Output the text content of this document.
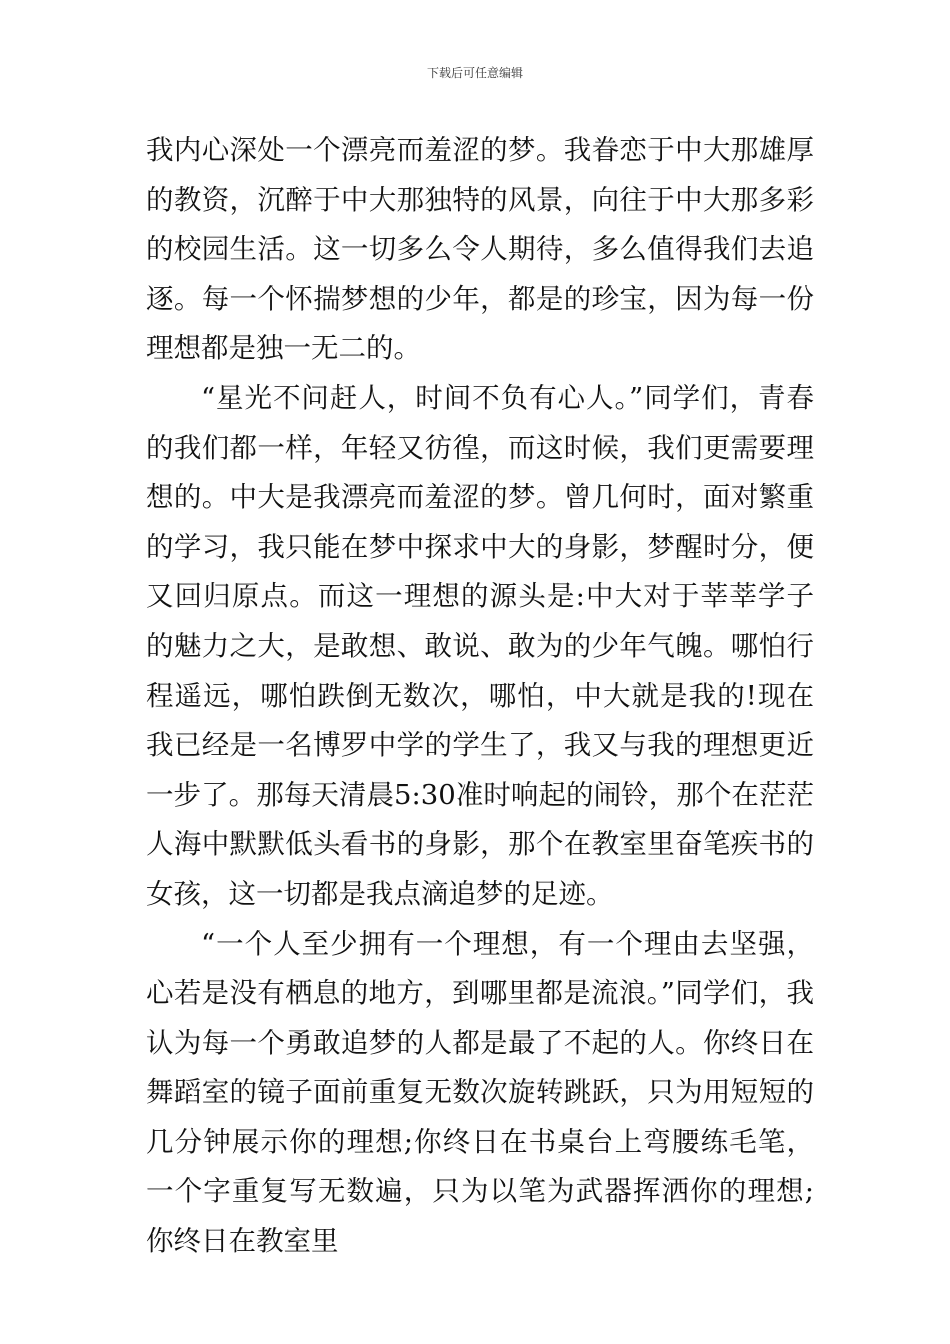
下载后可任意编辑

我内心深处一个漂亮而羞涩的梦。我眷恋于中大那雄厚的教资，沉醉于中大那独特的风景，向往于中大那多彩的校园生活。这一切多么令人期待，多么值得我们去追逐。每一个怀揣梦想的少年，都是的珍宝，因为每一份理想都是独一无二的。

“星光不问赶人，时间不负有心人。”同学们，青春的我们都一样，年轻又彷徨，而这时候，我们更需要理想的。中大是我漂亮而羞涩的梦。曾几何时，面对繁重的学习，我只能在梦中探求中大的身影，梦醒时分，便又回归原点。而这一理想的源头是:中大对于莘莘学子的魅力之大，是敢想、敢说、敢为的少年气魄。哪怕行程遥远，哪怕跌倒无数次，哪怕，中大就是我的!现在我已经是一名博罗中学的学生了，我又与我的理想更近一步了。那每天清晨5:30准时响起的闹铃，那个在茫茫人海中默默低头看书的身影，那个在教室里奋笔疾书的女孩，这一切都是我点滴追梦的足迹。

“一个人至少拥有一个理想，有一个理由去坚强，心若是没有栖息的地方，到哪里都是流浪。”同学们，我认为每一个勇敢追梦的人都是最了不起的人。你终日在舞蹈室的镜子面前重复无数次旋转跳跃，只为用短短的几分钟展示你的理想;你终日在书桌台上弯腰练毛笔，一个字重复写无数遍，只为以笔为武器挥洒你的理想;你终日在教室里
